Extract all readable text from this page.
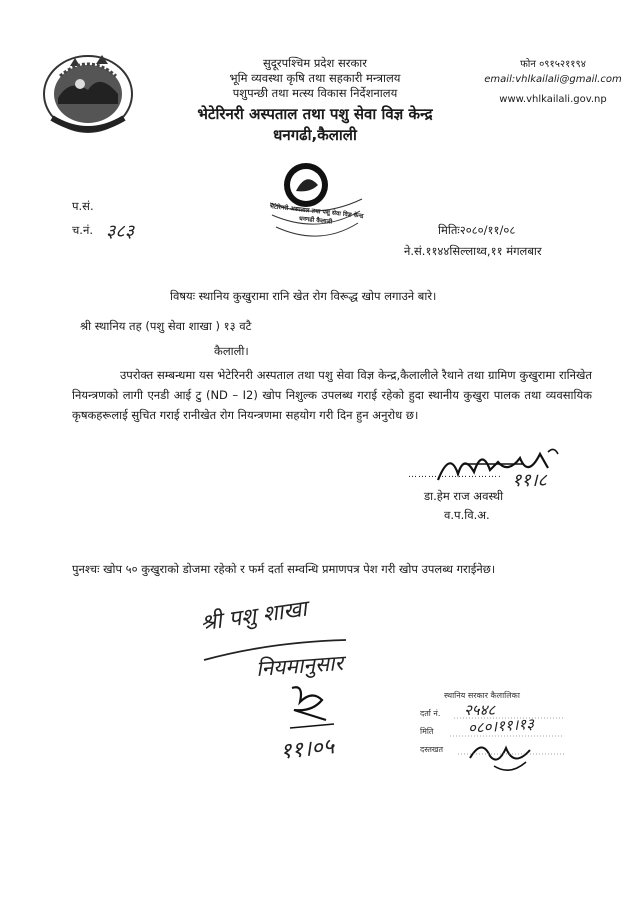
सुदूरपश्चिम प्रदेश सरकार
भूमि व्यवस्था कृषि तथा सहकारी मन्त्रालय
पशुपन्छी तथा मत्स्य विकास निर्देशनालय
भेटेरिनरी अस्पताल तथा पशु सेवा विज्ञ केन्द्र
धनगढी,कैलाली
फोन ०९१५२११९४
email:vhlkailali@gmail.com
www.vhlkailali.gov.np
भेटेरिनरी अस्पताल तथा पशु सेवा विज्ञ केन्द्र धनगढी कैलाली
प.सं.
च.नं. ३८३	मितिः२०८०/११/०८
ने.सं.११४४सिल्लाथ्व,११ मंगलबार
विषयः स्थानिय कुखुरामा रानि खेत रोग विरूद्ध खोप लगाउने बारे।
श्री स्थानिय तह (पशु सेवा शाखा ) १३ वटै
कैलाली।
उपरोक्त सम्बन्धमा यस भेटेरिनरी अस्पताल तथा पशु सेवा विज्ञ केन्द्र,कैलालीले रैथाने तथा ग्रामिण कुखुरामा रानिखेत नियन्त्रणको लागी एनडी आई टु (ND – I2) खोप निशुल्क उपलब्ध गराई रहेको हुदा स्थानीय कुखुरा पालक तथा व्यवसायिक कृषकहरूलाई सुचित गराई रानीखेत रोग नियन्त्रणमा सहयोग गरी दिन हुन अनुरोध छ।
११।८
……………………….
डा.हेम राज अवस्थी
व.प.वि.अ.
पुनश्चः खोप ५० कुखुराको डोजमा रहेको र फर्म दर्ता सम्वन्धि प्रमाणपत्र पेश गरी खोप उपलब्ध गराईनेछ।
श्री पशु शाखा
नियमानुसार
११।०५
स्थानिय सरकार कैलालिका
दर्ता नं. २५४८
मिति ०८०।११।१३
दस्तखत
